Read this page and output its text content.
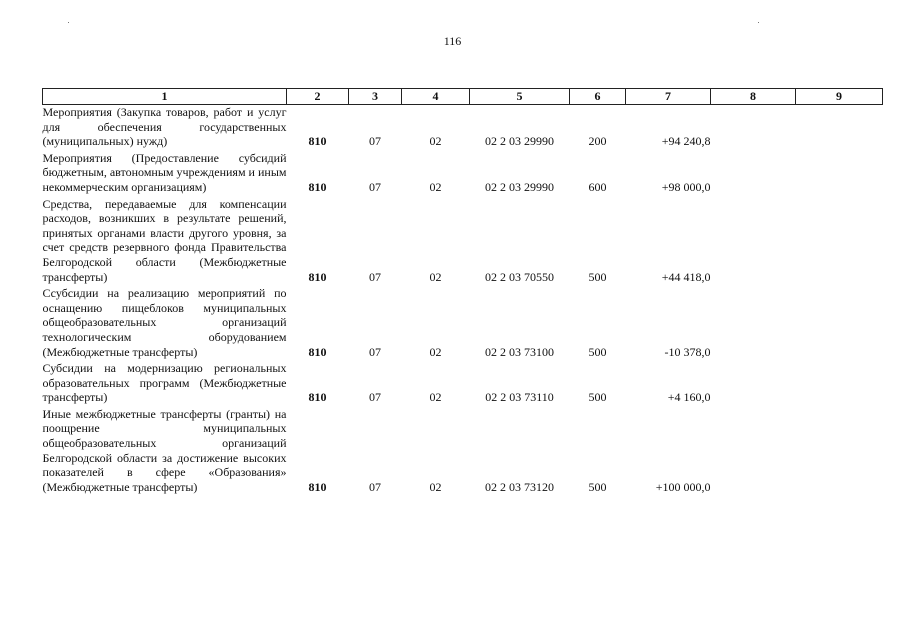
116
1	2	3	4	5	6	7	8	9
Мероприятия (Закупка товаров, работ и услуг для обеспечения государственных (муниципальных) нужд)	810	07	02	02 2 03 29990	200	+94 240,8		
Мероприятия (Предоставление субсидий бюджетным, автономным учреждениям и иным некоммерческим организациям)	810	07	02	02 2 03 29990	600	+98 000,0		
Средства, передаваемые для компенсации расходов, возникших в результате решений, принятых органами власти другого уровня, за счет средств резервного фонда Правительства Белгородской области (Межбюджетные трансферты)	810	07	02	02 2 03 70550	500	+44 418,0		
Ссубсидии на реализацию мероприятий по оснащению пищеблоков муниципальных общеобразовательных организаций технологическим оборудованием (Межбюджетные трансферты)	810	07	02	02 2 03 73100	500	-10 378,0		
Субсидии на модернизацию региональных образовательных программ (Межбюджетные трансферты)	810	07	02	02 2 03 73110	500	+4 160,0		
Иные межбюджетные трансферты (гранты) на поощрение муниципальных общеобразовательных организаций Белгородской области за достижение высоких показателей в сфере «Образования» (Межбюджетные трансферты)	810	07	02	02 2 03 73120	500	+100 000,0		
